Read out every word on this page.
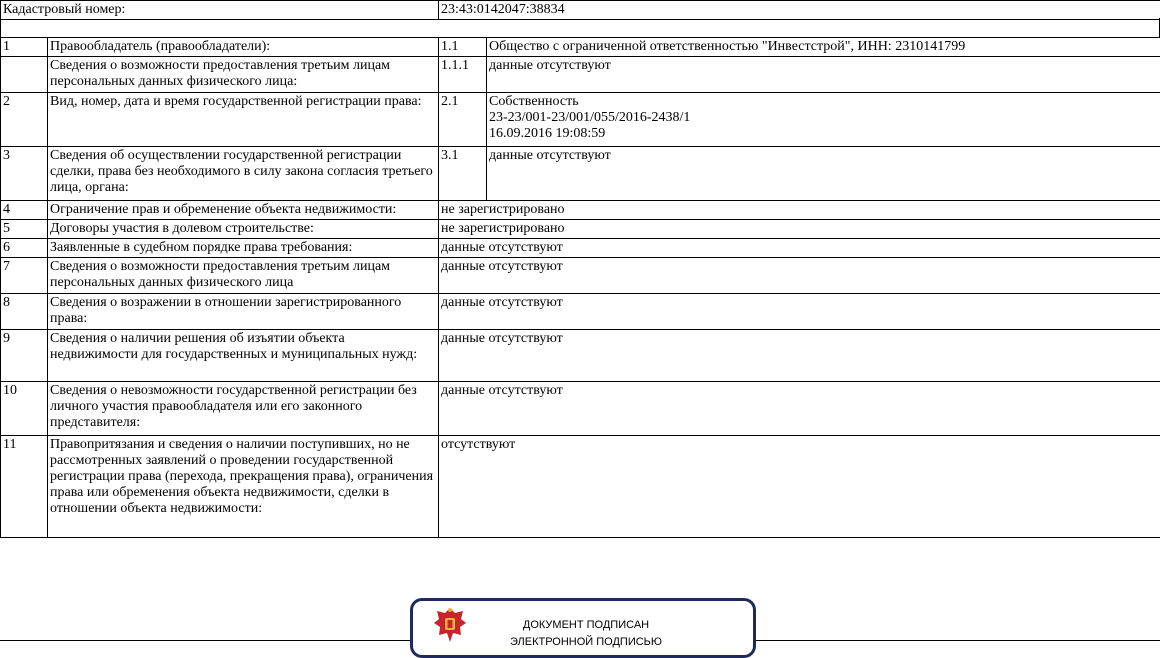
Кадастровый номер:	23:43:0142047:38834
1	Правообладатель (правообладатели):	1.1	Общество с ограниченной ответственностью "Инвестстрой", ИНН: 2310141799
	Сведения о возможности предоставления третьим лицам персональных данных физического лица:	1.1.1	данные отсутствуют
2	Вид, номер, дата и время государственной регистрации права:	2.1	Собственность
23-23/001-23/001/055/2016-2438/1
16.09.2016 19:08:59
3	Сведения об осуществлении государственной регистрации сделки, права без необходимого в силу закона согласия третьего лица, органа:	3.1	данные отсутствуют
4	Ограничение прав и обременение объекта недвижимости:	не зарегистрировано	
5	Договоры участия в долевом строительстве:	не зарегистрировано	
6	Заявленные в судебном порядке права требования:	данные отсутствуют	
7	Сведения о возможности предоставления третьим лицам персональных данных физического лица	данные отсутствуют	
8	Сведения о возражении в отношении зарегистрированного права:	данные отсутствуют	
9	Сведения о наличии решения об изъятии объекта недвижимости для государственных и муниципальных нужд:	данные отсутствуют	
10	Сведения о невозможности государственной регистрации без личного участия правообладателя или его законного представителя:	данные отсутствуют	
11	Правопритязания и сведения о наличии поступивших, но не рассмотренных заявлений о проведении государственной регистрации права (перехода, прекращения права), ограничения права или обременения объекта недвижимости, сделки в отношении объекта недвижимости:	отсутствуют	
ДОКУМЕНТ ПОДПИСАН
ЭЛЕКТРОННОЙ ПОДПИСЬЮ
